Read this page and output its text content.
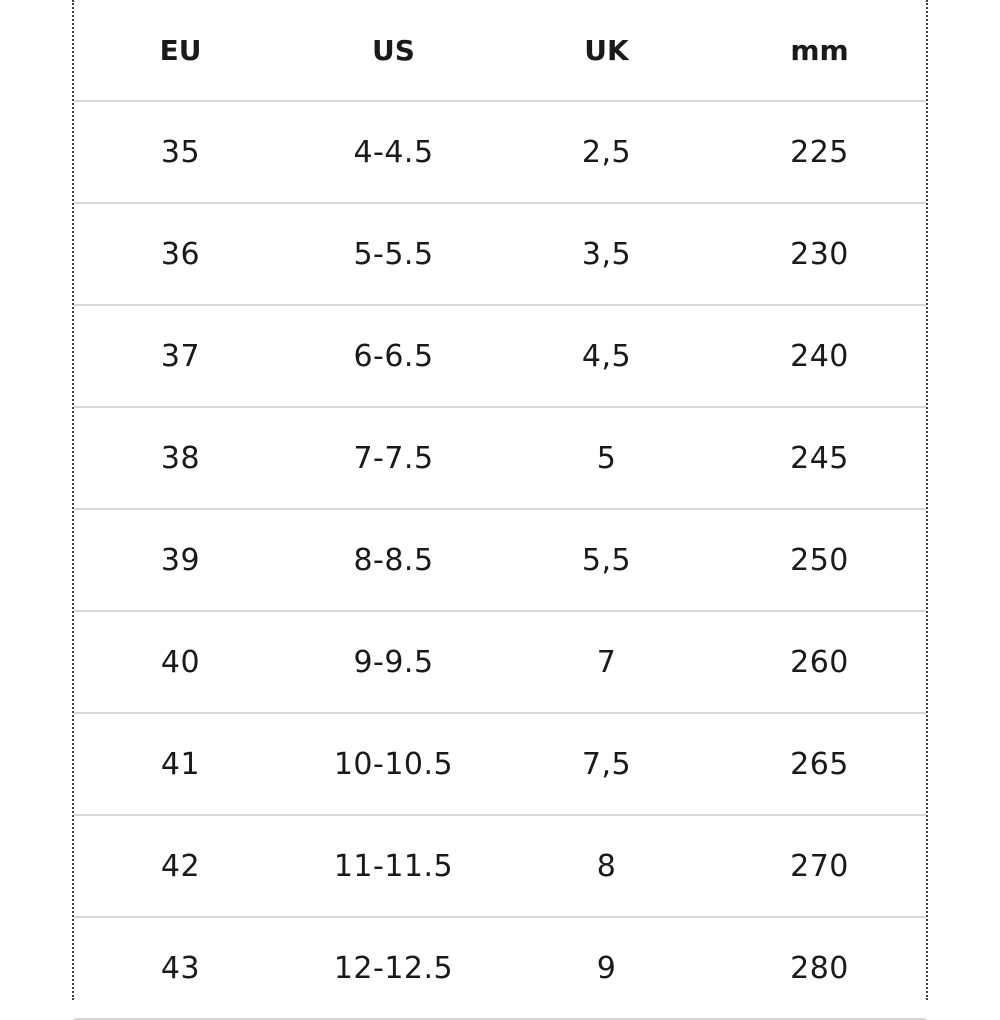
EU	US	UK	mm
35	4-4.5	2,5	225
36	5-5.5	3,5	230
37	6-6.5	4,5	240
38	7-7.5	5	245
39	8-8.5	5,5	250
40	9-9.5	7	260
41	10-10.5	7,5	265
42	11-11.5	8	270
43	12-12.5	9	280
